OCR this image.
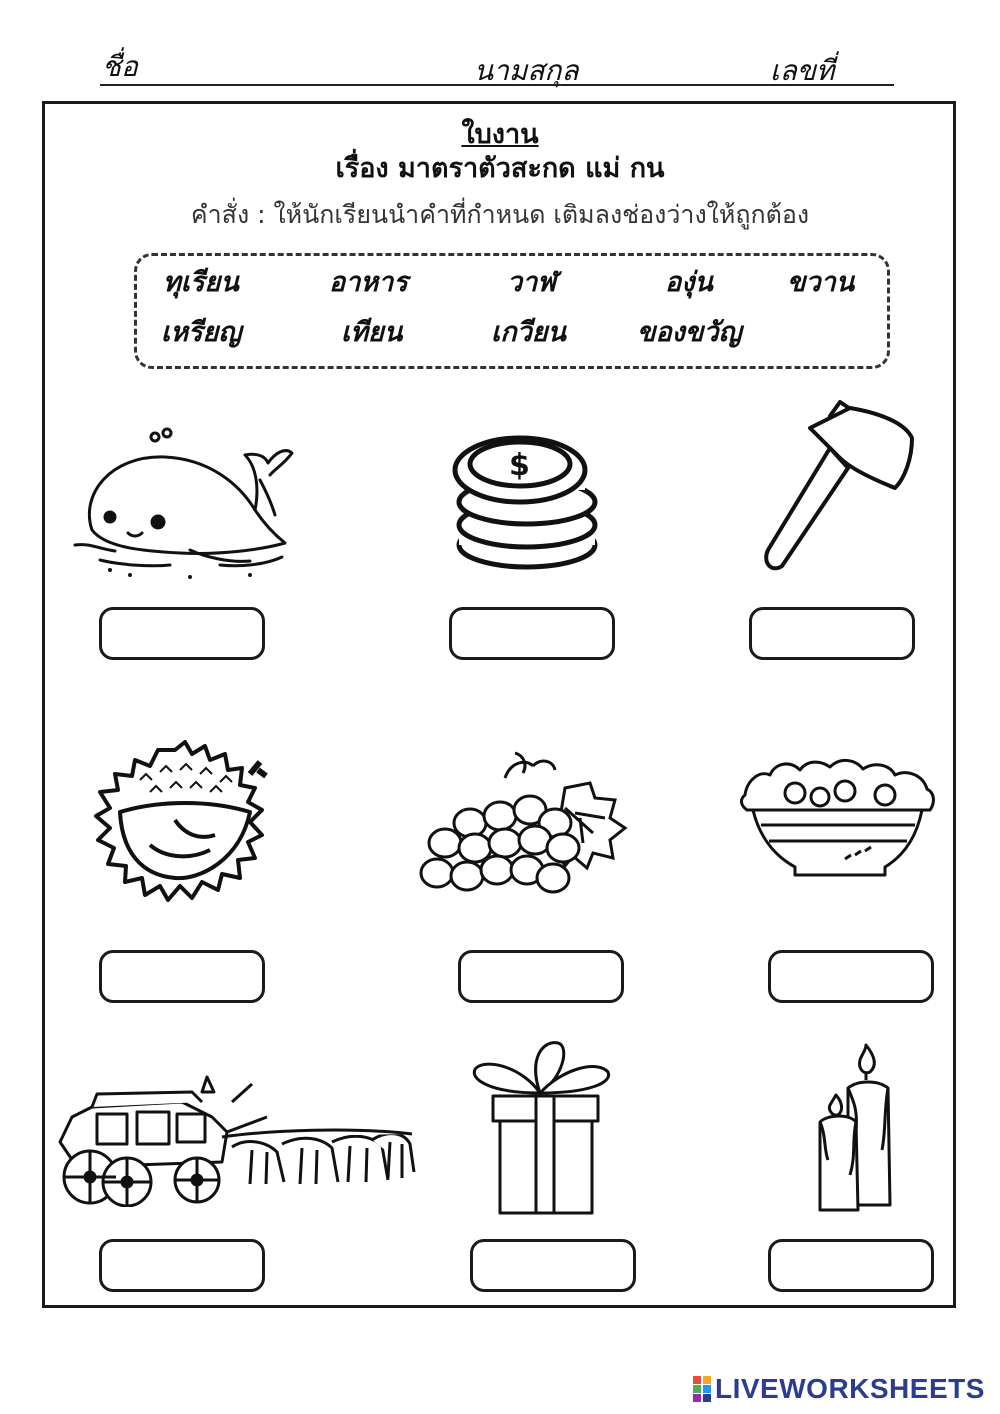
ชื่อ	นามสกุล	เลขที่
ใบงาน
เรื่อง มาตราตัวสะกด แม่ กน
คำสั่ง : ให้นักเรียนนำคำที่กำหนด เติมลงช่องว่างให้ถูกต้อง
ทุเรียน	อาหาร	วาฬ	องุ่น	ขวาน
เหรียญ	เทียน	เกวียน	ของขวัญ
$
LIVEWORKSHEETS
